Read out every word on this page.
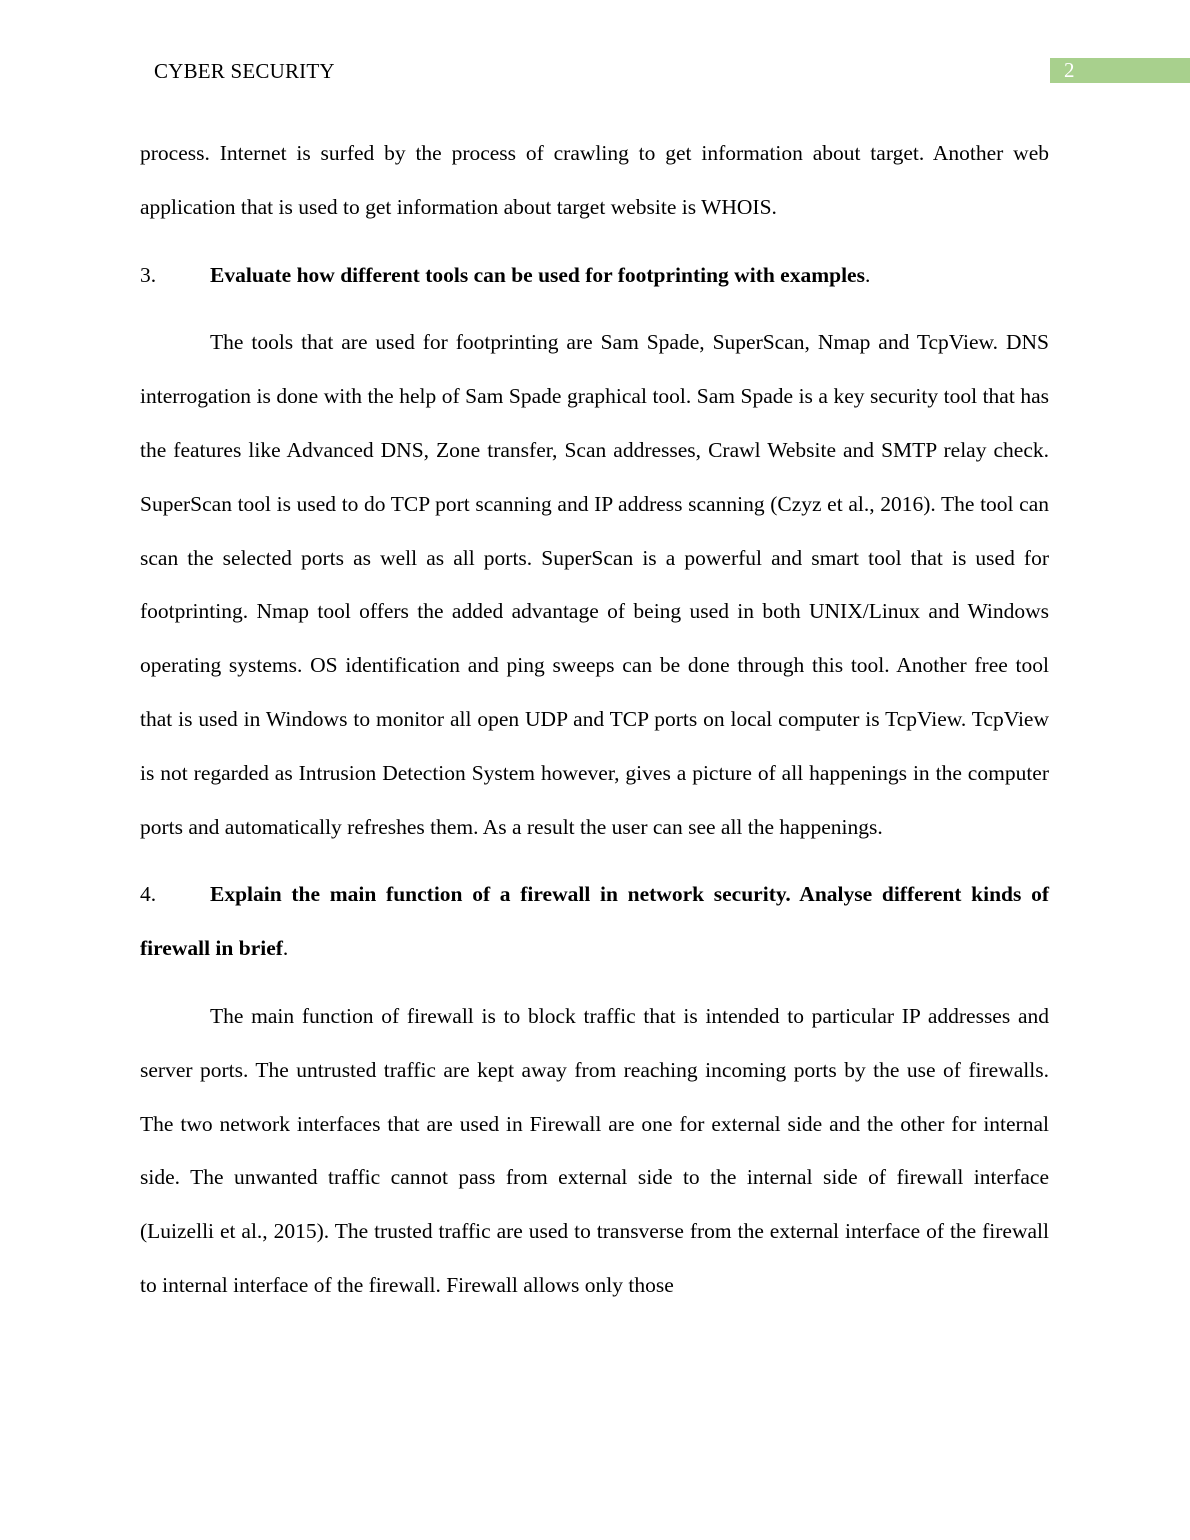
CYBER SECURITY	2

process. Internet is surfed by the process of crawling to get information about target. Another web application that is used to get information about target website is WHOIS.

3.	Evaluate how different tools can be used for footprinting with examples.

The tools that are used for footprinting are Sam Spade, SuperScan, Nmap and TcpView. DNS interrogation is done with the help of Sam Spade graphical tool. Sam Spade is a key security tool that has the features like Advanced DNS, Zone transfer, Scan addresses, Crawl Website and SMTP relay check. SuperScan tool is used to do TCP port scanning and IP address scanning (Czyz et al., 2016). The tool can scan the selected ports as well as all ports. SuperScan is a powerful and smart tool that is used for footprinting. Nmap tool offers the added advantage of being used in both UNIX/Linux and Windows operating systems. OS identification and ping sweeps can be done through this tool. Another free tool that is used in Windows to monitor all open UDP and TCP ports on local computer is TcpView. TcpView is not regarded as Intrusion Detection System however, gives a picture of all happenings in the computer ports and automatically refreshes them. As a result the user can see all the happenings.

4.	Explain the main function of a firewall in network security. Analyse different kinds of firewall in brief.

The main function of firewall is to block traffic that is intended to particular IP addresses and server ports. The untrusted traffic are kept away from reaching incoming ports by the use of firewalls. The two network interfaces that are used in Firewall are one for external side and the other for internal side. The unwanted traffic cannot pass from external side to the internal side of firewall interface (Luizelli et al., 2015). The trusted traffic are used to transverse from the external interface of the firewall to internal interface of the firewall. Firewall allows only those
